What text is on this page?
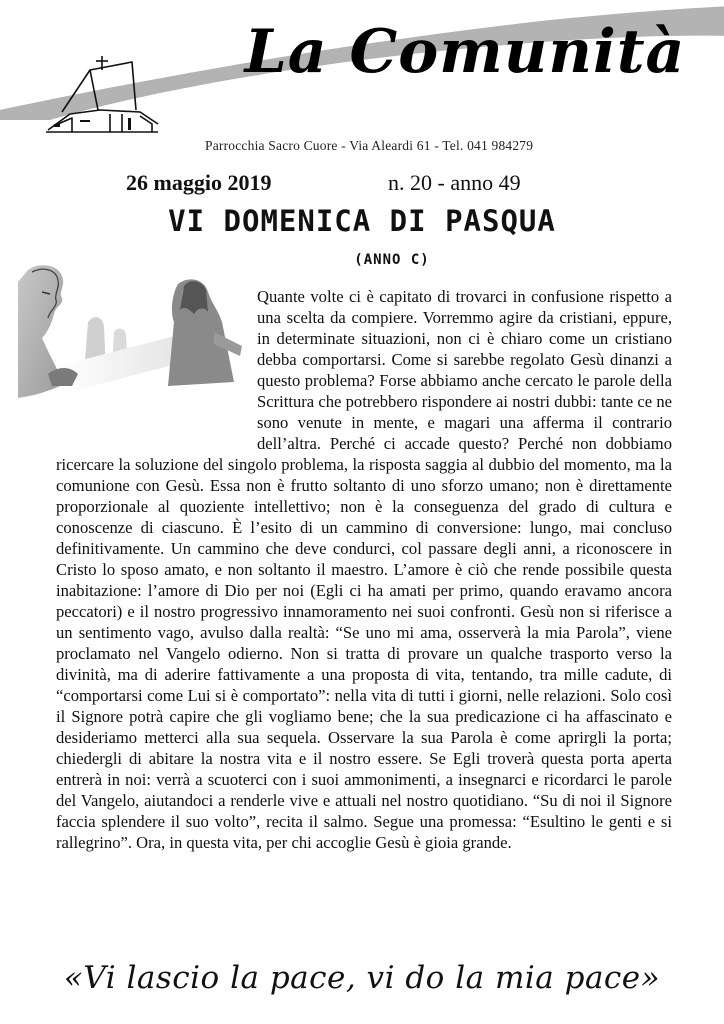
La Comunità
Parrocchia Sacro Cuore - Via Aleardi 61 - Tel. 041 984279
26 maggio 2019	n. 20 - anno 49
VI DOMENICA DI PASQUA
(ANNO C)
Quante volte ci è capitato di trovarci in confusione rispetto a una scelta da compiere. Vorremmo agire da cristiani, eppure, in determinate situazioni, non ci è chiaro come un cristiano debba comportarsi. Come si sarebbe regolato Gesù dinanzi a questo problema? Forse abbiamo anche cercato le parole della Scrittura che potrebbero rispondere ai nostri dubbi: tante ce ne sono venute in mente, e magari una afferma il contrario dell’altra. Perché ci accade questo? Perché non dobbiamo ricercare la soluzione del singolo problema, la risposta saggia al dubbio del momento, ma la comunione con Gesù. Essa non è frutto soltanto di uno sforzo umano; non è direttamente proporzionale al quoziente intellettivo; non è la conseguenza del grado di cultura e conoscenze di ciascuno. È l’esito di un cammino di conversione: lungo, mai concluso definitivamente. Un cammino che deve condurci, col passare degli anni, a riconoscere in Cristo lo sposo amato, e non soltanto il maestro. L’amore è ciò che rende possibile questa inabitazione: l’amore di Dio per noi (Egli ci ha amati per primo, quando eravamo ancora peccatori) e il nostro progressivo innamoramento nei suoi confronti. Gesù non si riferisce a un sentimento vago, avulso dalla realtà: “Se uno mi ama, osserverà la mia Parola”, viene proclamato nel Vangelo odierno. Non si tratta di provare un qualche trasporto verso la divinità, ma di aderire fattivamente a una proposta di vita, tentando, tra mille cadute, di “comportarsi come Lui si è comportato”: nella vita di tutti i giorni, nelle relazioni. Solo così il Signore potrà capire che gli vogliamo bene; che la sua predicazione ci ha affascinato e desideriamo metterci alla sua sequela. Osservare la sua Parola è come aprirgli la porta; chiedergli di abitare la nostra vita e il nostro essere. Se Egli troverà questa porta aperta entrerà in noi: verrà a scuoterci con i suoi ammonimenti, a insegnarci e ricordarci le parole del Vangelo, aiutandoci a renderle vive e attuali nel nostro quotidiano. “Su di noi il Signore faccia splendere il suo volto”, recita il salmo. Segue una promessa: “Esultino le genti e si rallegrino”. Ora, in questa vita, per chi accoglie Gesù è gioia grande.
«Vi lascio la pace, vi do la mia pace»
